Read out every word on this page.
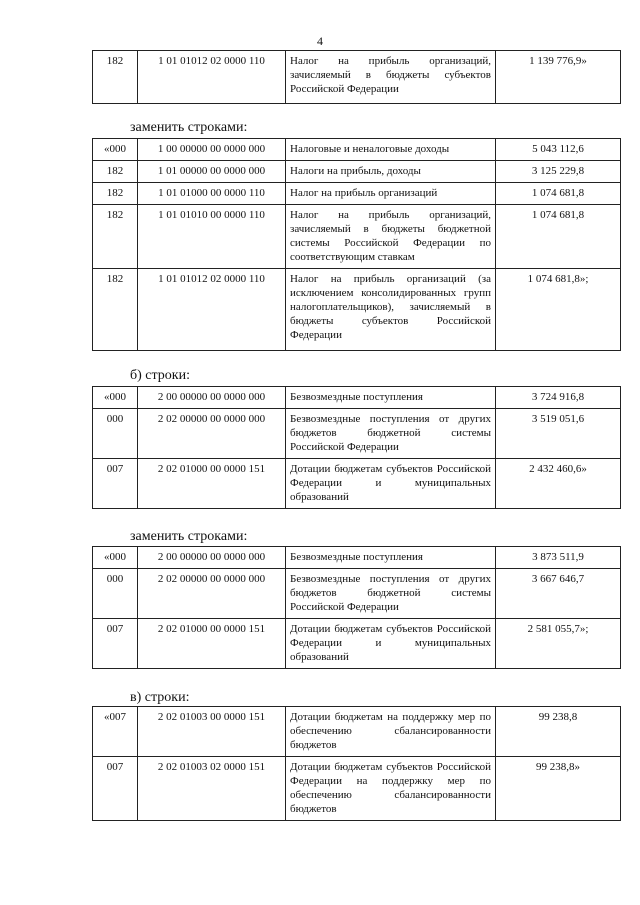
4
182	1 01 01012 02 0000 110	Налог на прибыль организаций, зачисляемый в бюджеты субъектов Российской Федерации	1 139 776,9»
заменить строками:
«000	1 00 00000 00 0000 000	Налоговые и неналоговые доходы	5 043 112,6
182	1 01 00000 00 0000 000	Налоги на прибыль, доходы	3 125 229,8
182	1 01 01000 00 0000 110	Налог на прибыль организаций	1 074 681,8
182	1 01 01010 00 0000 110	Налог на прибыль организаций, зачисляемый в бюджеты бюджетной системы Российской Федерации по соответствующим ставкам	1 074 681,8
182	1 01 01012 02 0000 110	Налог на прибыль организаций (за исключением консолидированных групп налогоплательщиков), зачисляемый в бюджеты субъектов Российской Федерации	1 074 681,8»;
б) строки:
«000	2 00 00000 00 0000 000	Безвозмездные поступления	3 724 916,8
000	2 02 00000 00 0000 000	Безвозмездные поступления от других бюджетов бюджетной системы Российской Федерации	3 519 051,6
007	2 02 01000 00 0000 151	Дотации бюджетам субъектов Российской Федерации и муниципальных образований	2 432 460,6»
заменить строками:
«000	2 00 00000 00 0000 000	Безвозмездные поступления	3 873 511,9
000	2 02 00000 00 0000 000	Безвозмездные поступления от других бюджетов бюджетной системы Российской Федерации	3 667 646,7
007	2 02 01000 00 0000 151	Дотации бюджетам субъектов Российской Федерации и муниципальных образований	2 581 055,7»;
в) строки:
«007	2 02 01003 00 0000 151	Дотации бюджетам на поддержку мер по обеспечению сбалансированности бюджетов	99 238,8
007	2 02 01003 02 0000 151	Дотации бюджетам субъектов Российской Федерации на поддержку мер по обеспечению сбалансированности бюджетов	99 238,8»
